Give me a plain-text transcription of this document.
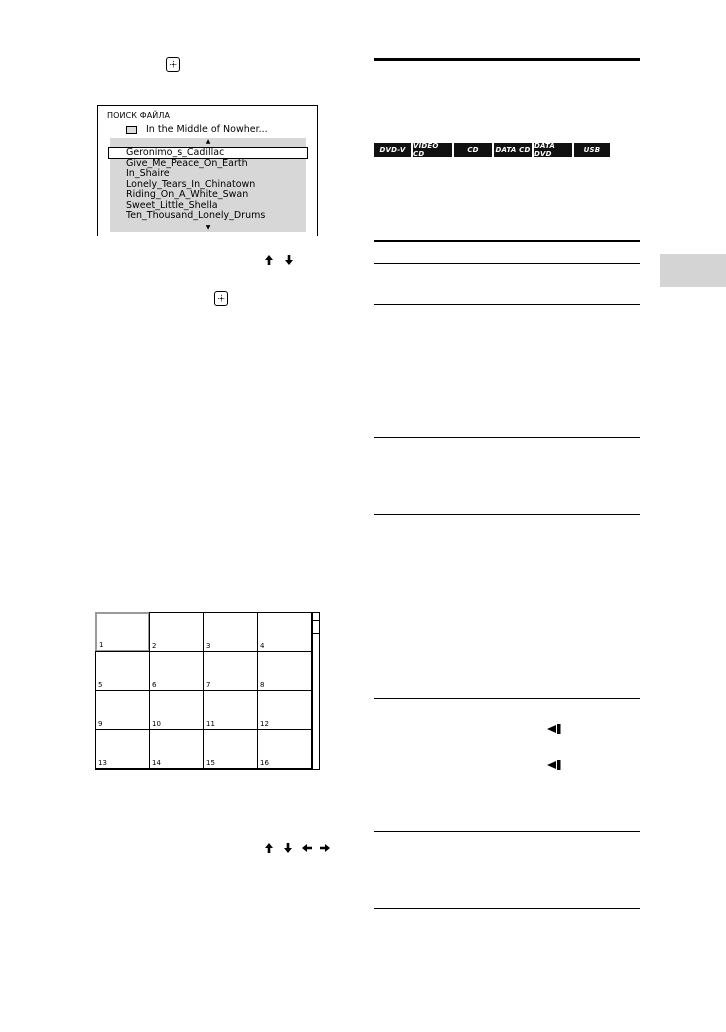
ПОИСК ФАЙЛА
In the Middle of Nowher...
▲
Geronimo_s_Cadillac
Give_Me_Peace_On_Earth
In_Shaire
Lonely_Tears_In_Chinatown
Riding_On_A_White_Swan
Sweet_Little_Shella
Ten_Thousand_Lonely_Drums
▼
1	2	3	4
5	6	7	8
9	10	11	12
13	14	15	16
DVD-V	VIDEO CD	CD	DATA CD DATA DVD	USB
